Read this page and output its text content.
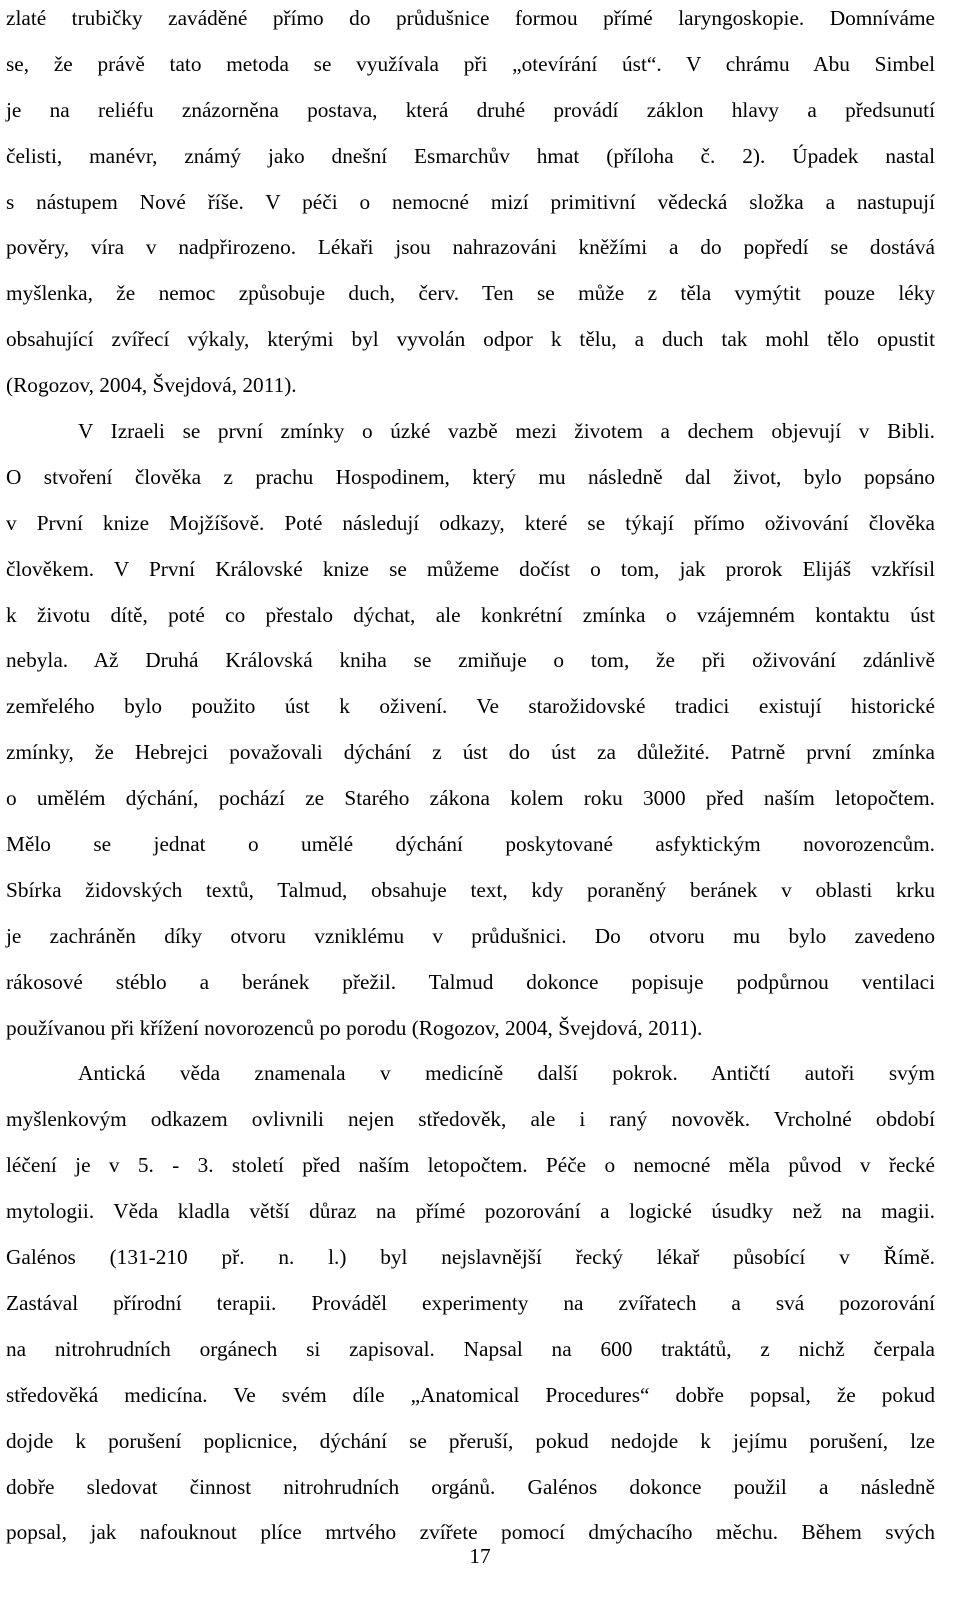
zlaté trubičky zaváděné přímo do průdušnice formou přímé laryngoskopie. Domníváme
se, že právě tato metoda se využívala při „otevírání úst“. V chrámu Abu Simbel
je na reliéfu znázorněna postava, která druhé provádí záklon hlavy a předsunutí
čelisti, manévr, známý jako dnešní Esmarchův hmat (příloha č. 2). Úpadek nastal
s nástupem Nové říše. V péči o nemocné mizí primitivní vědecká složka a nastupují
pověry, víra v nadpřirozeno. Lékaři jsou nahrazováni kněžími a do popředí se dostává
myšlenka, že nemoc způsobuje duch, červ. Ten se může z těla vymýtit pouze léky
obsahující zvířecí výkaly, kterými byl vyvolán odpor k tělu, a duch tak mohl tělo opustit
(Rogozov, 2004, Švejdová, 2011).
V Izraeli se první zmínky o úzké vazbě mezi životem a dechem objevují v Bibli.
O stvoření člověka z prachu Hospodinem, který mu následně dal život, bylo popsáno
v První knize Mojžíšově. Poté následují odkazy, které se týkají přímo oživování člověka
člověkem. V První Královské knize se můžeme dočíst o tom, jak prorok Elijáš vzkřísil
k životu dítě, poté co přestalo dýchat, ale konkrétní zmínka o vzájemném kontaktu úst
nebyla. Až Druhá Královská kniha se zmiňuje o tom, že při oživování zdánlivě
zemřelého bylo použito úst k oživení. Ve starožidovské tradici existují historické
zmínky, že Hebrejci považovali dýchání z úst do úst za důležité. Patrně první zmínka
o umělém dýchání, pochází ze Starého zákona kolem roku 3000 před naším letopočtem.
Mělo se jednat o umělé dýchání poskytované asfyktickým novorozencům.
Sbírka židovských textů, Talmud, obsahuje text, kdy poraněný beránek v oblasti krku
je zachráněn díky otvoru vzniklému v průdušnici. Do otvoru mu bylo zavedeno
rákosové stéblo a beránek přežil. Talmud dokonce popisuje podpůrnou ventilaci
používanou při křížení novorozenců po porodu (Rogozov, 2004, Švejdová, 2011).
Antická věda znamenala v medicíně další pokrok. Antičtí autoři svým
myšlenkovým odkazem ovlivnili nejen středověk, ale i raný novověk. Vrcholné období
léčení je v 5. - 3. století před naším letopočtem. Péče o nemocné měla původ v řecké
mytologii. Věda kladla větší důraz na přímé pozorování a logické úsudky než na magii.
Galénos (131-210 př. n. l.) byl nejslavnější řecký lékař působící v Římě.
Zastával přírodní terapii. Prováděl experimenty na zvířatech a svá pozorování
na nitrohrudních orgánech si zapisoval. Napsal na 600 traktátů, z nichž čerpala
středověká medicína. Ve svém díle „Anatomical Procedures“ dobře popsal, že pokud
dojde k porušení poplicnice, dýchání se přeruší, pokud nedojde k jejímu porušení, lze
dobře sledovat činnost nitrohrudních orgánů. Galénos dokonce použil a následně
popsal, jak nafouknout plíce mrtvého zvířete pomocí dmýchacího měchu. Během svých
17
